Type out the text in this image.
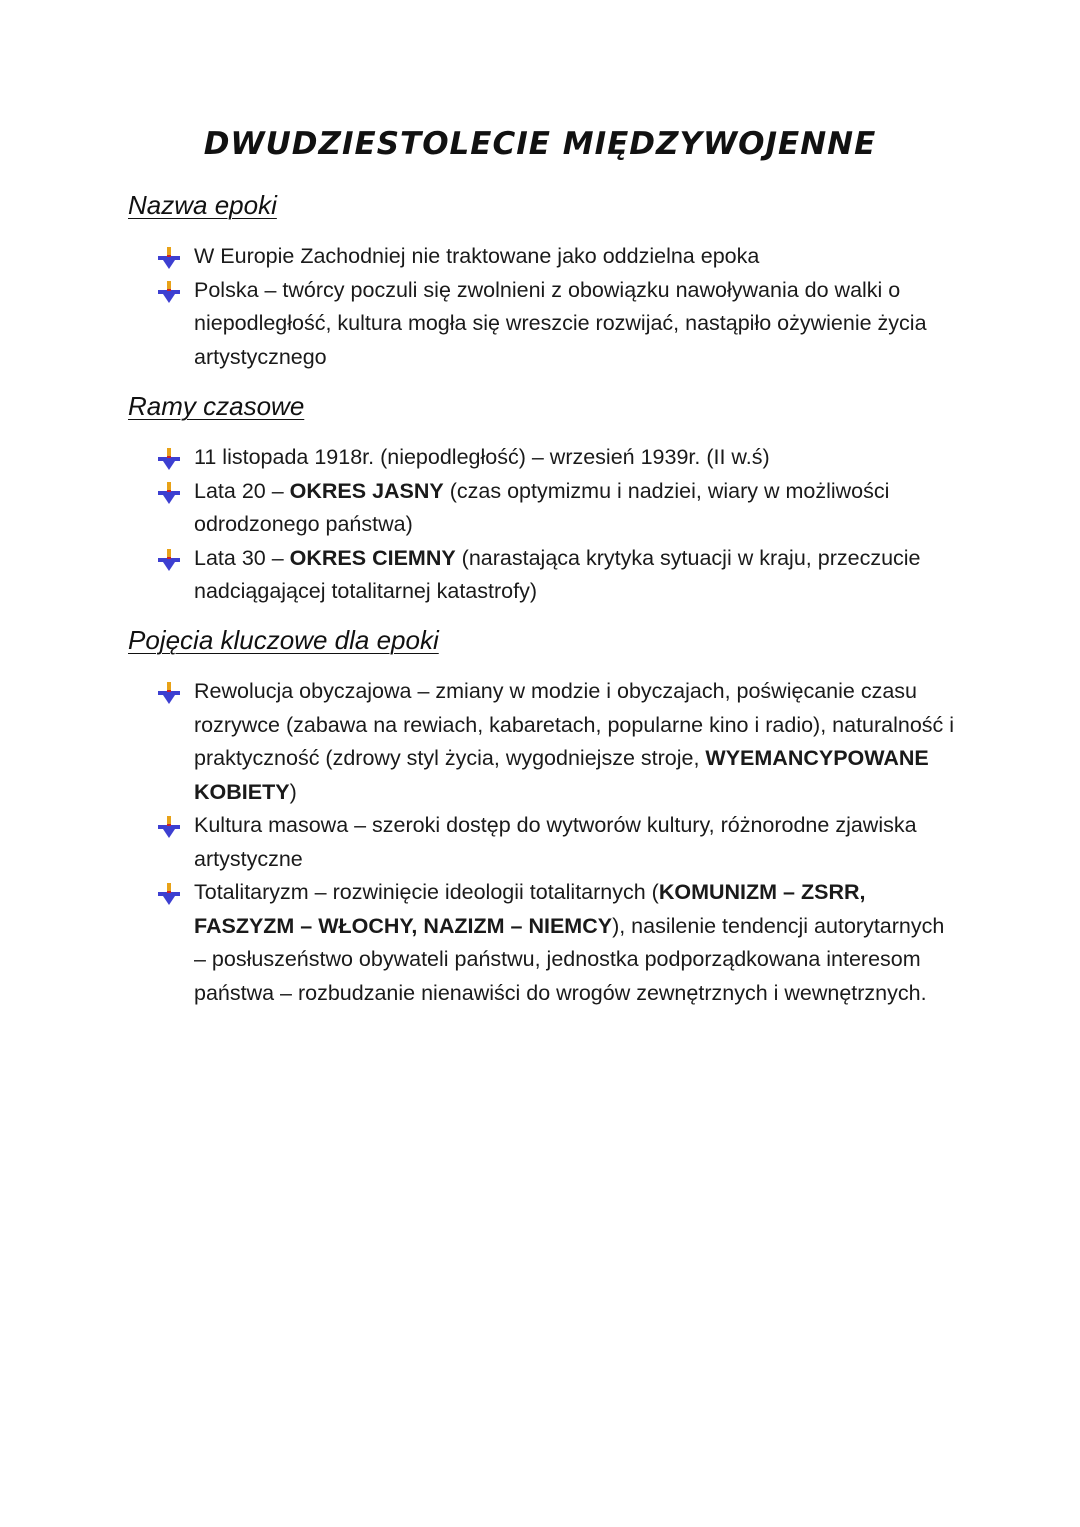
DWUDZIESTOLECIE MIĘDZYWOJENNE
Nazwa epoki
W Europie Zachodniej nie traktowane jako oddzielna epoka
Polska – twórcy poczuli się zwolnieni z obowiązku nawoływania do walki o niepodległość, kultura mogła się wreszcie rozwijać, nastąpiło ożywienie życia artystycznego
Ramy czasowe
11 listopada 1918r. (niepodległość) – wrzesień 1939r. (II w.ś)
Lata 20 – OKRES JASNY (czas optymizmu i nadziei, wiary w możliwości odrodzonego państwa)
Lata 30 – OKRES CIEMNY (narastająca krytyka sytuacji w kraju, przeczucie nadciągającej totalitarnej katastrofy)
Pojęcia kluczowe dla epoki
Rewolucja obyczajowa – zmiany w modzie i obyczajach, poświęcanie czasu rozrywce (zabawa na rewiach, kabaretach, popularne kino i radio), naturalność i praktyczność (zdrowy styl życia, wygodniejsze stroje, WYEMANCYPOWANE KOBIETY)
Kultura masowa – szeroki dostęp do wytworów kultury, różnorodne zjawiska artystyczne
Totalitaryzm – rozwinięcie ideologii totalitarnych (KOMUNIZM – ZSRR, FASZYZM – WŁOCHY, NAZIZM – NIEMCY), nasilenie tendencji autorytarnych – posłuszeństwo obywateli państwu, jednostka podporządkowana interesom państwa – rozbudzanie nienawiści do wrogów zewnętrznych i wewnętrznych.
